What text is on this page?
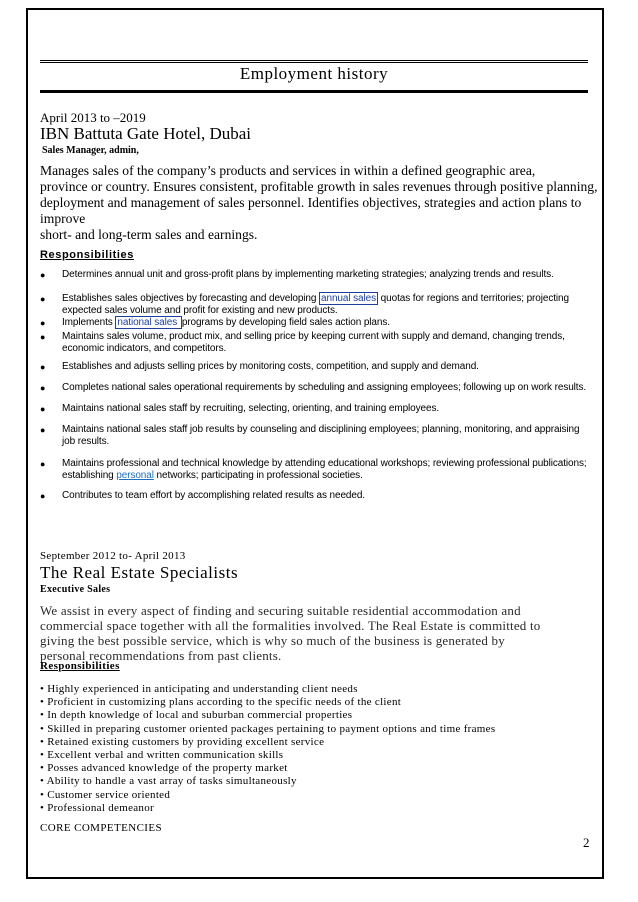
Employment history
April 2013 to –2019
IBN Battuta Gate Hotel, Dubai
Sales Manager, admin,
Manages sales of the company’s products and services in within a defined geographic area,
province or country. Ensures consistent, profitable growth in sales revenues through positive planning,
deployment and management of sales personnel. Identifies objectives, strategies and action plans to
improve
short- and long-term sales and earnings.
Responsibilities
● Determines annual unit and gross-profit plans by implementing marketing strategies; analyzing trends and results.
● Establishes sales objectives by forecasting and developing annual sales quotas for regions and territories; projecting expected sales volume and profit for existing and new products.
● Implements national sales programs by developing field sales action plans.
● Maintains sales volume, product mix, and selling price by keeping current with supply and demand, changing trends, economic indicators, and competitors.
● Establishes and adjusts selling prices by monitoring costs, competition, and supply and demand.
● Completes national sales operational requirements by scheduling and assigning employees; following up on work results.
● Maintains national sales staff by recruiting, selecting, orienting, and training employees.
● Maintains national sales staff job results by counseling and disciplining employees; planning, monitoring, and appraising job results.
● Maintains professional and technical knowledge by attending educational workshops; reviewing professional publications; establishing personal networks; participating in professional societies.
● Contributes to team effort by accomplishing related results as needed.
September 2012 to- April 2013
The Real Estate Specialists
Executive Sales
We assist in every aspect of finding and securing suitable residential accommodation and
commercial space together with all the formalities involved. The Real Estate is committed to
giving the best possible service, which is why so much of the business is generated by
personal recommendations from past clients.
Responsibilities
• Highly experienced in anticipating and understanding client needs
• Proficient in customizing plans according to the specific needs of the client
• In depth knowledge of local and suburban commercial properties
• Skilled in preparing customer oriented packages pertaining to payment options and time frames
• Retained existing customers by providing excellent service
• Excellent verbal and written communication skills
• Posses advanced knowledge of the property market
• Ability to handle a vast array of tasks simultaneously
• Customer service oriented
• Professional demeanor
CORE COMPETENCIES
2
